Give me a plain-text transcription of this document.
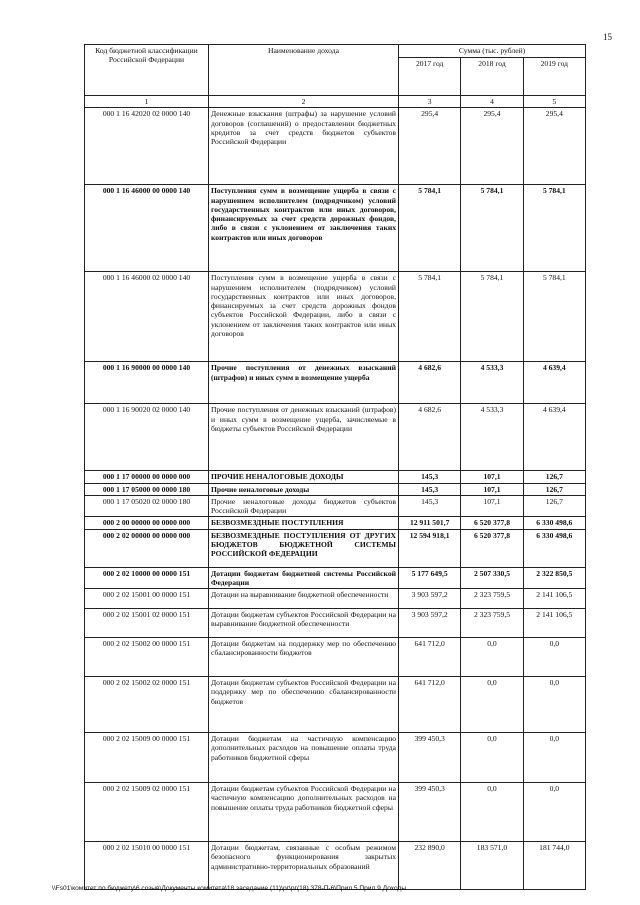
15
Код бюджетной классификации Российской Федерации	Наименование дохода	Сумма (тыс. рублей)		
		2017 год	2018 год	2019 год
1	2	3	4	5
000 1 16 42020 02 0000 140	Денежные взыскания (штрафы) за нарушение условий договоров (соглашений) о предоставлении бюджетных кредитов за счет средств бюджетов субъектов Российской Федерации	295,4	295,4	295,4
000 1 16 46000 00 0000 140	Поступления сумм в возмещение ущерба в связи с нарушением исполнителем (подрядчиком) условий государственных контрактов или иных договоров, финансируемых за счет средств дорожных фондов, либо в связи с уклонением от заключения таких контрактов или иных договоров	5 784,1	5 784,1	5 784,1
000 1 16 46000 02 0000 140	Поступления сумм в возмещение ущерба в связи с нарушением исполнителем (подрядчиком) условий государственных контрактов или иных договоров, финансируемых за счет средств дорожных фондов субъектов Российской Федерации, либо в связи с уклонением от заключения таких контрактов или иных договоров	5 784,1	5 784,1	5 784,1
000 1 16 90000 00 0000 140	Прочие поступления от денежных взысканий (штрафов) и иных сумм в возмещение ущерба	4 682,6	4 533,3	4 639,4
000 1 16 90020 02 0000 140	Прочие поступления от денежных взысканий (штрафов) и иных сумм в возмещение ущерба, зачисляемые в бюджеты субъектов Российской Федерации	4 682,6	4 533,3	4 639,4
000 1 17 00000 00 0000 000	ПРОЧИЕ НЕНАЛОГОВЫЕ ДОХОДЫ	145,3	107,1	126,7
000 1 17 05000 00 0000 180	Прочие неналоговые доходы	145,3	107,1	126,7
000 1 17 05020 02 0000 180	Прочие неналоговые доходы бюджетов субъектов Российской Федерации	145,3	107,1	126,7
000 2 00 00000 00 0000 000	БЕЗВОЗМЕЗДНЫЕ ПОСТУПЛЕНИЯ	12 911 501,7	6 520 377,8	6 330 498,6
000 2 02 00000 00 0000 000	БЕЗВОЗМЕЗДНЫЕ ПОСТУПЛЕНИЯ ОТ ДРУГИХ БЮДЖЕТОВ БЮДЖЕТНОЙ СИСТЕМЫ РОССИЙСКОЙ ФЕДЕРАЦИИ	12 594 918,1	6 520 377,8	6 330 498,6
000 2 02 10000 00 0000 151	Дотации бюджетам бюджетной системы Российской Федерации	5 177 649,5	2 507 330,5	2 322 850,5
000 2 02 15001 00 0000 151	Дотации на выравнивание бюджетной обеспеченности	3 903 597,2	2 323 759,5	2 141 106,5
000 2 02 15001 02 0000 151	Дотации бюджетам субъектов Российской Федерации на выравнивание бюджетной обеспеченности	3 903 597,2	2 323 759,5	2 141 106,5
000 2 02 15002 00 0000 151	Дотации бюджетам на поддержку мер по обеспечению сбалансированности бюджетов	641 712,0	0,0	0,0
000 2 02 15002 02 0000 151	Дотации бюджетам субъектов Российской Федерации на поддержку мер по обеспечению сбалансированности бюджетов	641 712,0	0,0	0,0
000 2 02 15009 00 0000 151	Дотации бюджетам на частичную компенсацию дополнительных расходов на повышение оплаты труда работников бюджетной сферы	399 450,3	0,0	0,0
000 2 02 15009 02 0000 151	Дотации бюджетам субъектов Российской Федерации на частичную компенсацию дополнительных расходов на повышение оплаты труда работников бюджетной сферы	399 450,3	0,0	0,0
000 2 02 15010 00 0000 151	Дотации бюджетам, связанные с особым режимом безопасного функционирования закрытых административно-территориальных образований	232 890,0	183 571,0	181 744,0
\\Fs01\комитет по бюджету\6 созыв\Документы комитета\18 заседание (11)\рг\рг(18) 378-П-6\Прил 5 Прил 9 Доходы
